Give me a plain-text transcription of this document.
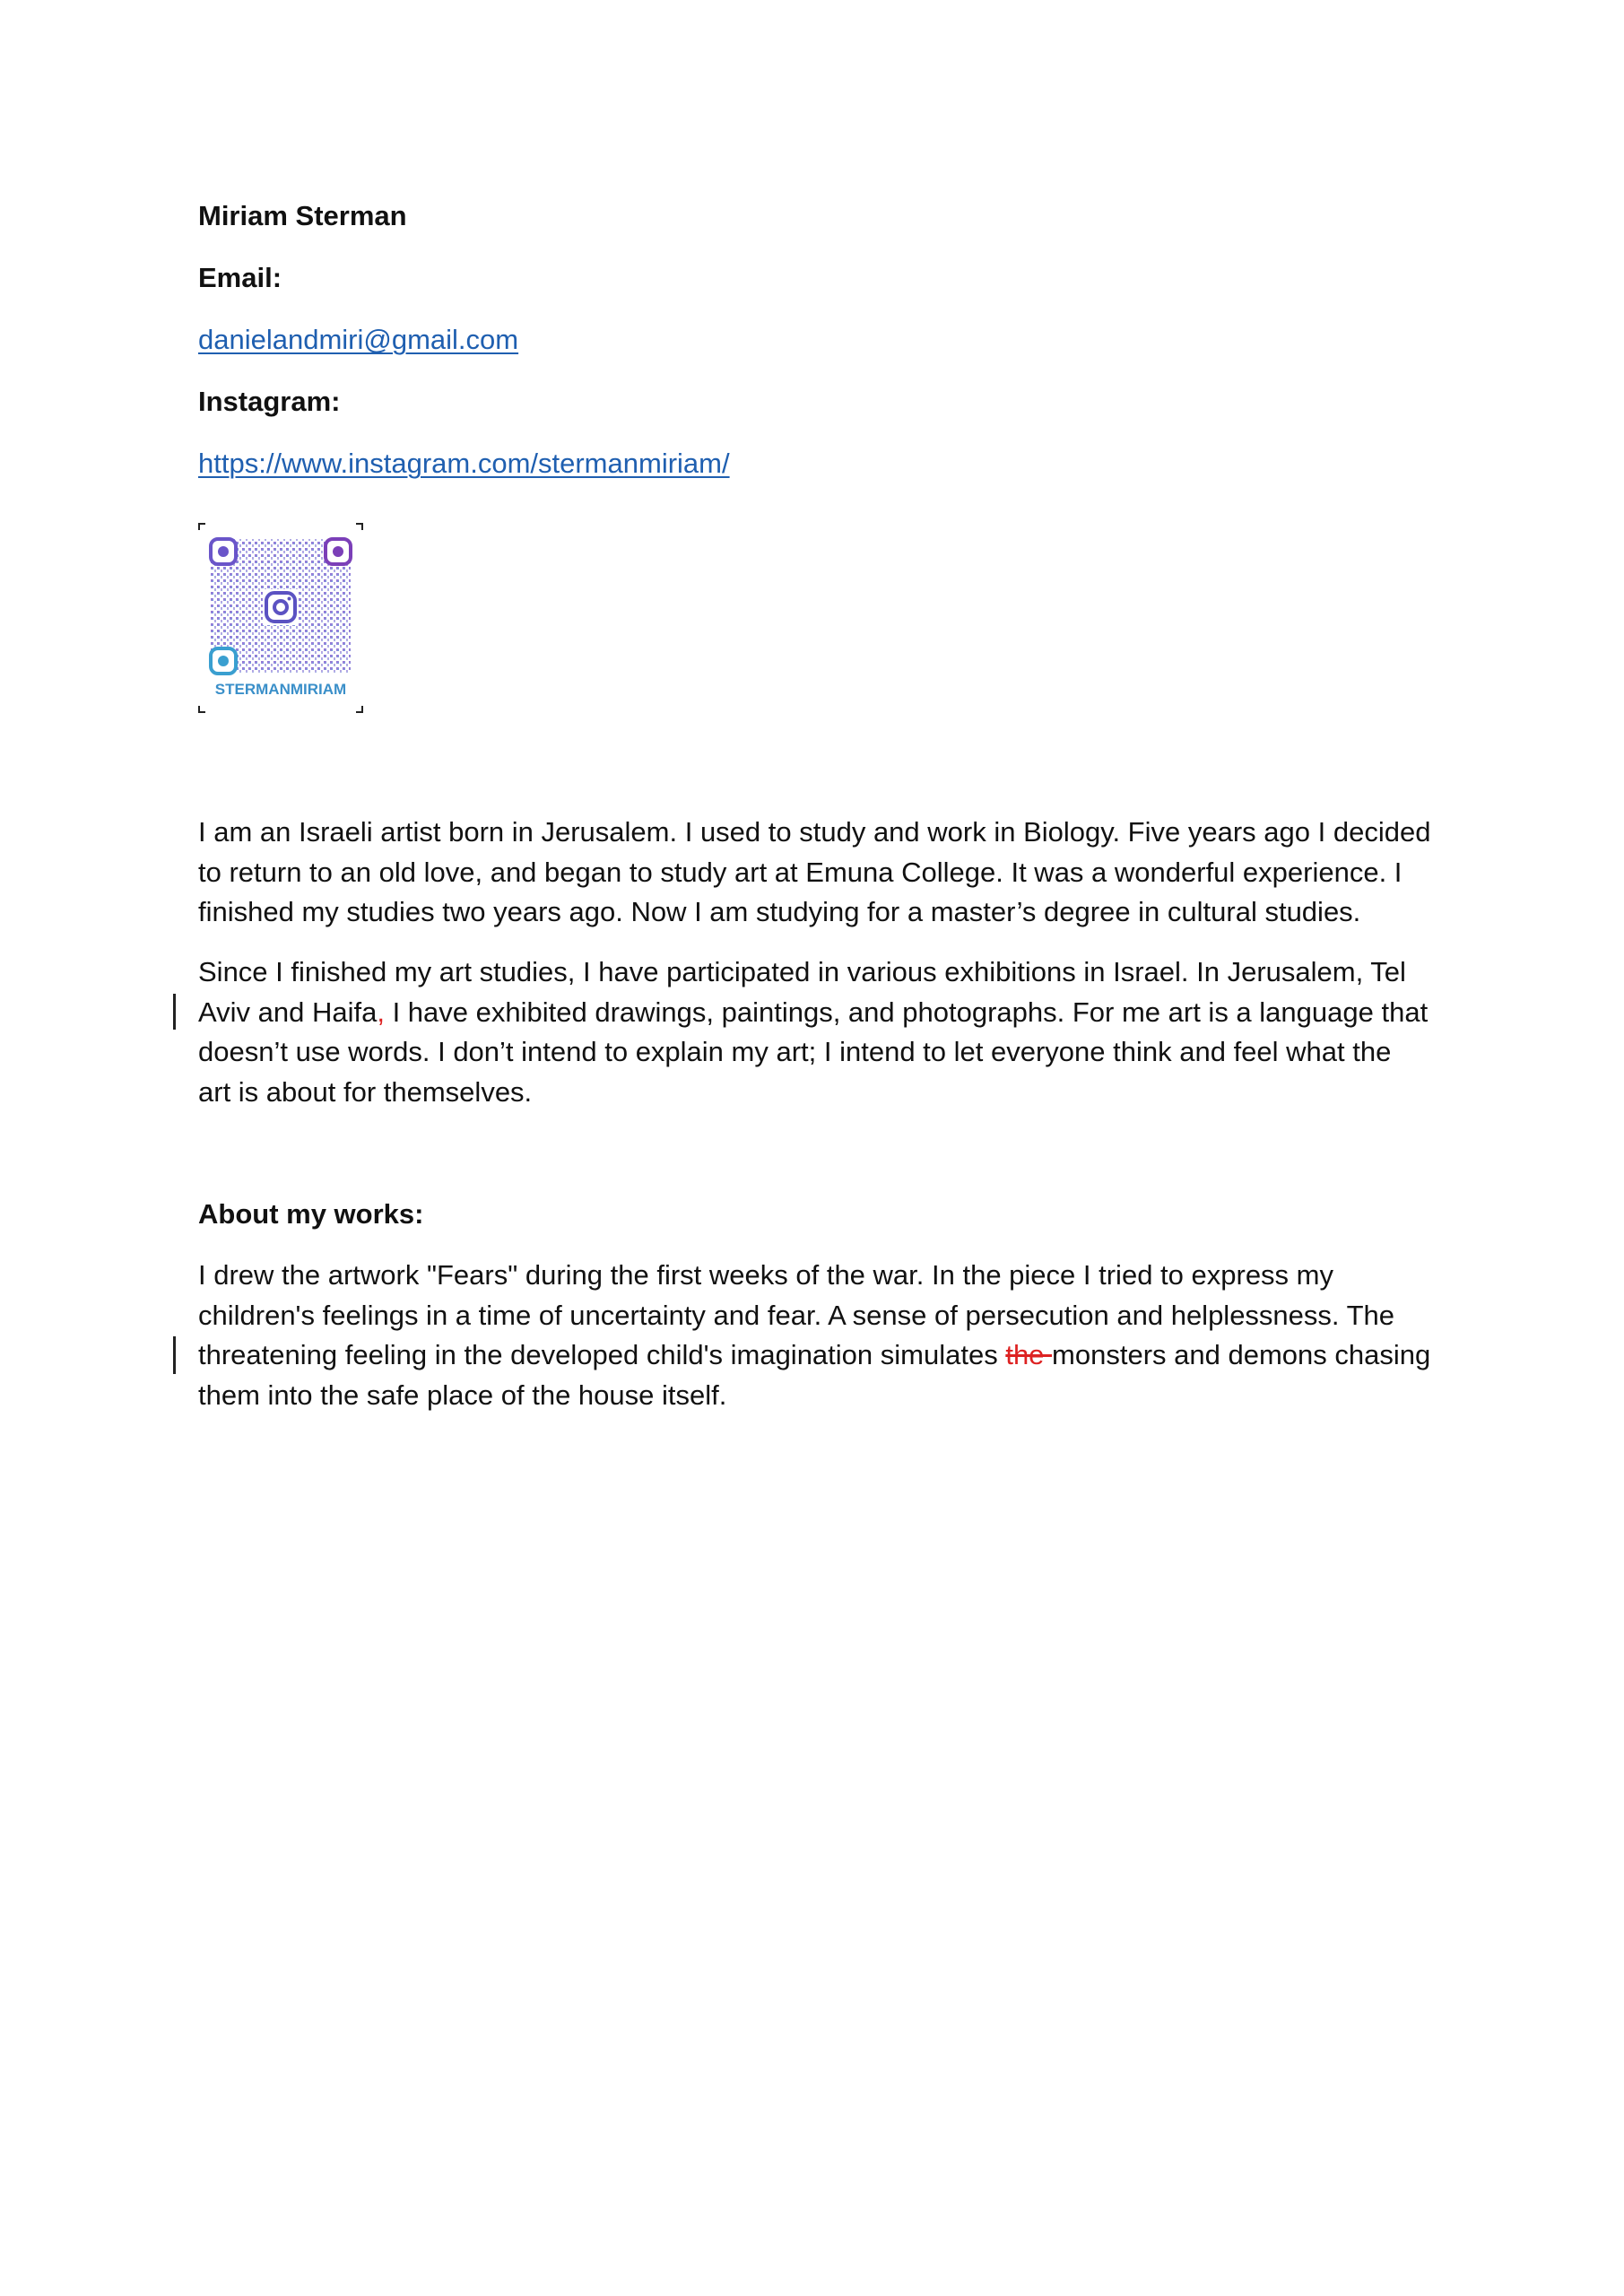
Miriam Sterman
Email:
danielandmiri@gmail.com
Instagram:
https://www.instagram.com/stermanmiriam/
STERMANMIRIAM
I am an Israeli artist born in Jerusalem. I used to study and work in Biology. Five years ago I decided
to return to an old love, and began to study art at Emuna College. It was a wonderful experience. I
finished my studies two years ago. Now I am studying for a master’s degree in cultural studies.
Since I finished my art studies, I have participated in various exhibitions in Israel. In Jerusalem, Tel
Aviv and Haifa, I have exhibited drawings, paintings, and photographs. For me art is a language that
doesn’t use words. I don’t intend to explain my art; I intend to let everyone think and feel what the
art is about for themselves.
About my works:
I drew the artwork "Fears" during the first weeks of the war. In the piece I tried to express my
children's feelings in a time of uncertainty and fear. A sense of persecution and helplessness. The
threatening feeling in the developed child's imagination simulates the monsters and demons chasing
them into the safe place of the house itself.
